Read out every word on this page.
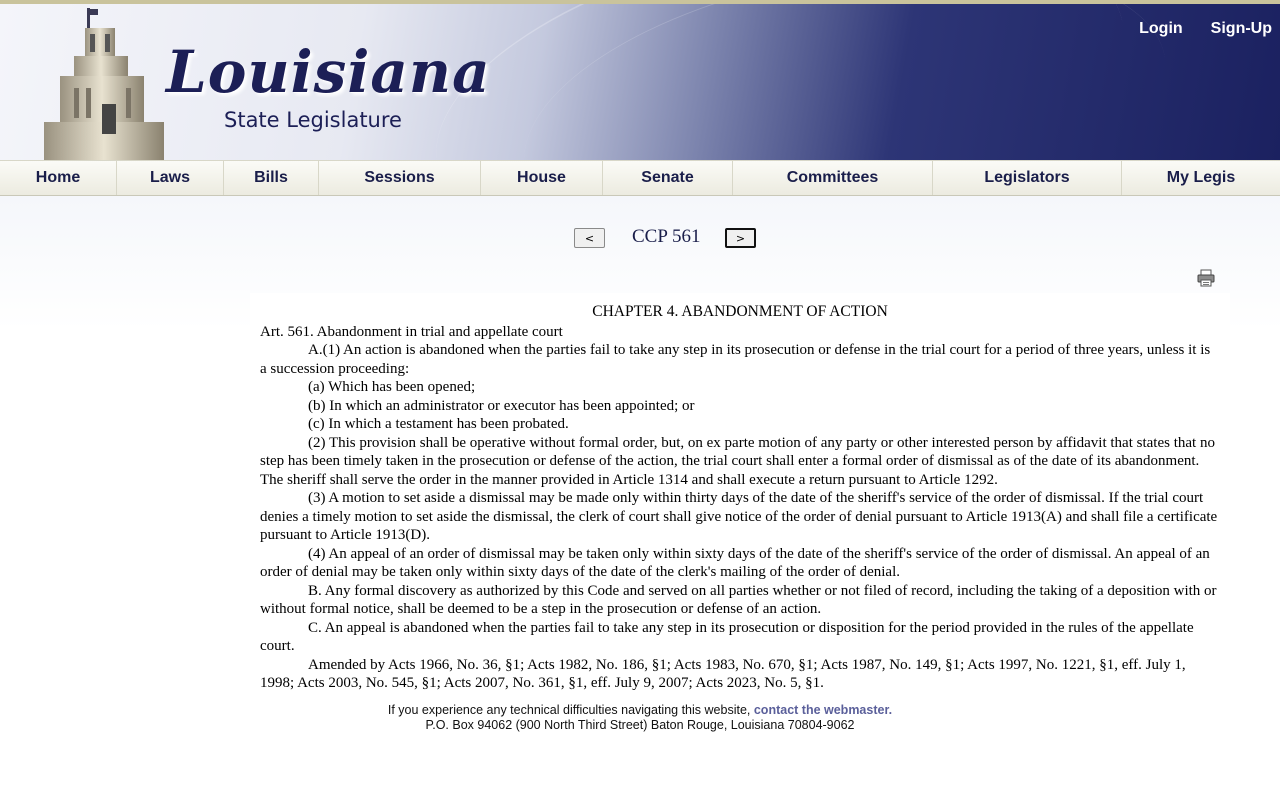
Louisiana
State Legislature
Login Sign-Up
Home	Laws	Bills	Sessions	House	Senate	Committees	Legislators	My Legis
<	CCP 561	>
CHAPTER 4. ABANDONMENT OF ACTION

Art. 561. Abandonment in trial and appellate court

A.(1) An action is abandoned when the parties fail to take any step in its prosecution or defense in the trial court for a period of three years, unless it is a succession proceeding:

(a) Which has been opened;

(b) In which an administrator or executor has been appointed; or

(c) In which a testament has been probated.

(2) This provision shall be operative without formal order, but, on ex parte motion of any party or other interested person by affidavit that states that no step has been timely taken in the prosecution or defense of the action, the trial court shall enter a formal order of dismissal as of the date of its abandonment. The sheriff shall serve the order in the manner provided in Article 1314 and shall execute a return pursuant to Article 1292.

(3) A motion to set aside a dismissal may be made only within thirty days of the date of the sheriff's service of the order of dismissal. If the trial court denies a timely motion to set aside the dismissal, the clerk of court shall give notice of the order of denial pursuant to Article 1913(A) and shall file a certificate pursuant to Article 1913(D).

(4) An appeal of an order of dismissal may be taken only within sixty days of the date of the sheriff's service of the order of dismissal. An appeal of an order of denial may be taken only within sixty days of the date of the clerk's mailing of the order of denial.

B. Any formal discovery as authorized by this Code and served on all parties whether or not filed of record, including the taking of a deposition with or without formal notice, shall be deemed to be a step in the prosecution or defense of an action.

C. An appeal is abandoned when the parties fail to take any step in its prosecution or disposition for the period provided in the rules of the appellate court.

Amended by Acts 1966, No. 36, §1; Acts 1982, No. 186, §1; Acts 1983, No. 670, §1; Acts 1987, No. 149, §1; Acts 1997, No. 1221, §1, eff. July 1, 1998; Acts 2003, No. 545, §1; Acts 2007, No. 361, §1, eff. July 9, 2007; Acts 2023, No. 5, §1.

If you experience any technical difficulties navigating this website, contact the webmaster.
P.O. Box 94062 (900 North Third Street) Baton Rouge, Louisiana 70804-9062
